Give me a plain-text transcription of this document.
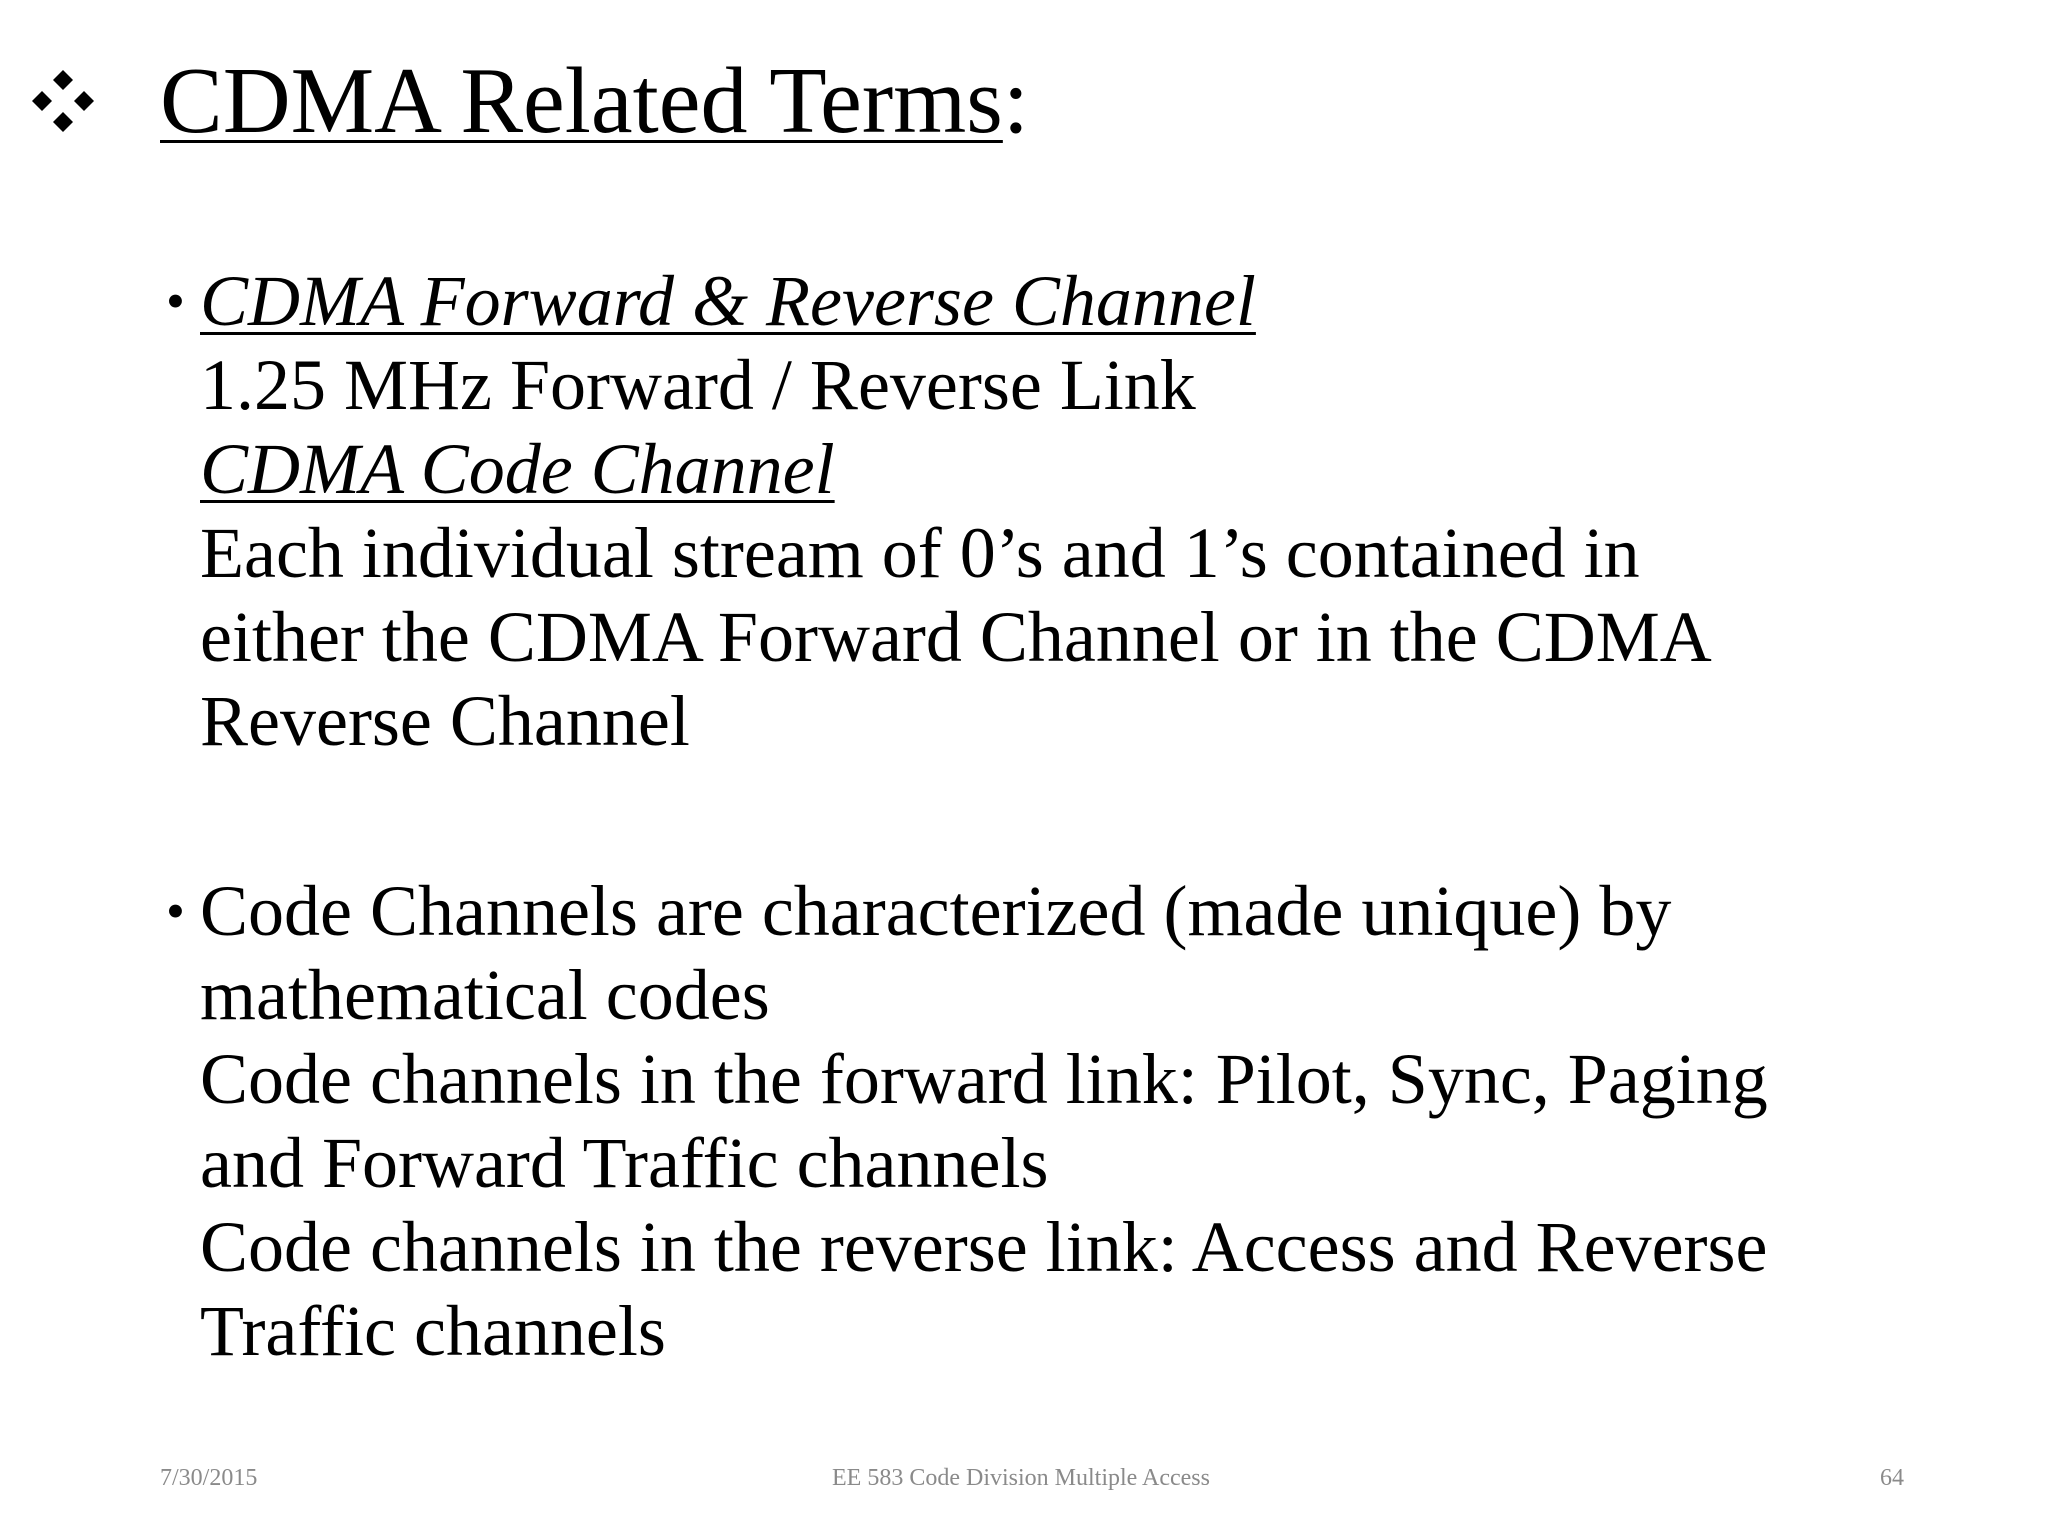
CDMA Related Terms:
• CDMA Forward & Reverse Channel
1.25 MHz Forward / Reverse Link
CDMA Code Channel
Each individual stream of 0’s and 1’s contained in
either the CDMA Forward Channel or in the CDMA
Reverse Channel
• Code Channels are characterized (made unique) by
mathematical codes
Code channels in the forward link: Pilot, Sync, Paging
and Forward Traffic channels
Code channels in the reverse link: Access and Reverse
Traffic channels
7/30/2015	EE 583 Code Division Multiple Access	64
